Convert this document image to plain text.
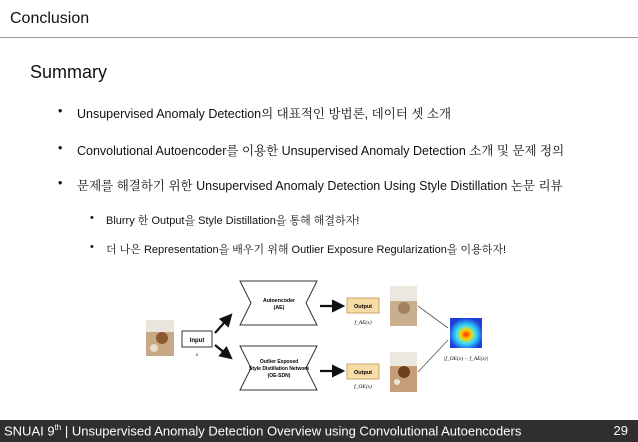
Conclusion
Summary
• Unsupervised Anomaly Detection의 대표적인 방법론, 데이터 셋 소개
• Convolutional Autoencoder를 이용한 Unsupervised Anomaly Detection 소개 및 문제 정의
• 문제를 해결하기 위한 Unsupervised Anomaly Detection Using Style Distillation 논문 리뷰
• Blurry 한 Output을 Style Distillation을 통해 해결하자!
• 더 나은 Representation을 배우기 위해 Outlier Exposure Regularization을 이용하자!
Input
x
Autoencoder
(AE)
Outlier Exposed
Style Distillation Network
(OE-SDN)
Output
f_AE(x)
Output
f_OE(x)
|f_OE(x) − f_AE(x)|
SNUAI 9th | Unsupervised Anomaly Detection Overview using Convolutional Autoencoders	29
